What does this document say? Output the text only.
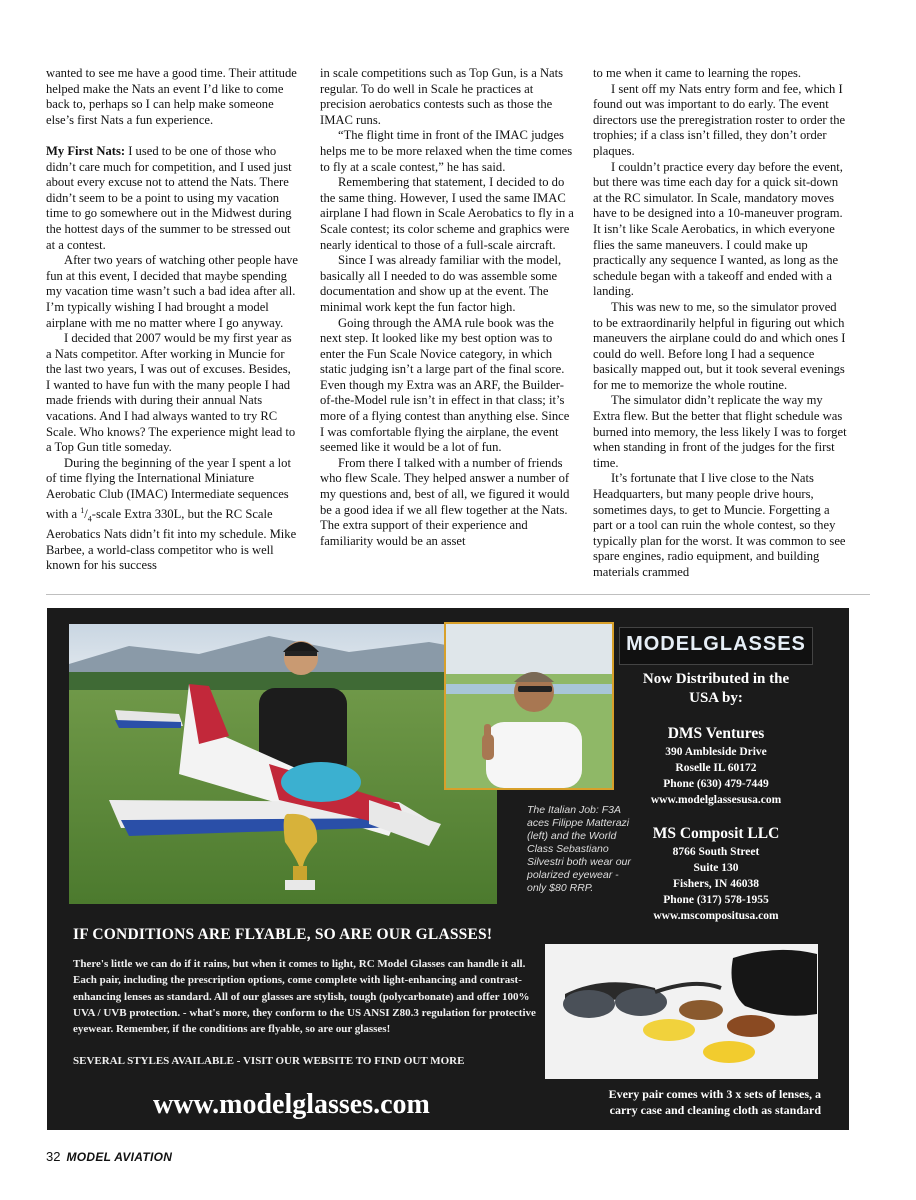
wanted to see me have a good time. Their attitude helped make the Nats an event I’d like to come back to, perhaps so I can help make someone else’s first Nats a fun experience.

My First Nats: I used to be one of those who didn’t care much for competition, and I used just about every excuse not to attend the Nats. There didn’t seem to be a point to using my vacation time to go somewhere out in the Midwest during the hottest days of the summer to be stressed out at a contest.

After two years of watching other people have fun at this event, I decided that maybe spending my vacation time wasn’t such a bad idea after all. I’m typically wishing I had brought a model airplane with me no matter where I go anyway.

I decided that 2007 would be my first year as a Nats competitor. After working in Muncie for the last two years, I was out of excuses. Besides, I wanted to have fun with the many people I had made friends with during their annual Nats vacations. And I had always wanted to try RC Scale. Who knows? The experience might lead to a Top Gun title someday.

During the beginning of the year I spent a lot of time flying the International Miniature Aerobatic Club (IMAC) Intermediate sequences with a $^1/_4$-scale Extra 330L, but the RC Scale Aerobatics Nats didn’t fit into my schedule. Mike Barbee, a world-class competitor who is well known for his success

in scale competitions such as Top Gun, is a Nats regular. To do well in Scale he practices at precision aerobatics contests such as those the IMAC runs.

“The flight time in front of the IMAC judges helps me to be more relaxed when the time comes to fly at a scale contest,” he has said.

Remembering that statement, I decided to do the same thing. However, I used the same IMAC airplane I had flown in Scale Aerobatics to fly in a Scale contest; its color scheme and graphics were nearly identical to those of a full-scale aircraft.

Since I was already familiar with the model, basically all I needed to do was assemble some documentation and show up at the event. The minimal work kept the fun factor high.

Going through the AMA rule book was the next step. It looked like my best option was to enter the Fun Scale Novice category, in which static judging isn’t a large part of the final score. Even though my Extra was an ARF, the Builder-of-the-Model rule isn’t in effect in that class; it’s more of a flying contest than anything else. Since I was comfortable flying the airplane, the event seemed like it would be a lot of fun.

From there I talked with a number of friends who flew Scale. They helped answer a number of my questions and, best of all, we figured it would be a good idea if we all flew together at the Nats. The extra support of their experience and familiarity would be an asset

to me when it came to learning the ropes.

I sent off my Nats entry form and fee, which I found out was important to do early. The event directors use the preregistration roster to order the trophies; if a class isn’t filled, they don’t order plaques.

I couldn’t practice every day before the event, but there was time each day for a quick sit-down at the RC simulator. In Scale, mandatory moves have to be designed into a 10-maneuver program. It isn’t like Scale Aerobatics, in which everyone flies the same maneuvers. I could make up practically any sequence I wanted, as long as the schedule began with a takeoff and ended with a landing.

This was new to me, so the simulator proved to be extraordinarily helpful in figuring out which maneuvers the airplane could do and which ones I could do well. Before long I had a sequence basically mapped out, but it took several evenings for me to memorize the whole routine.

The simulator didn’t replicate the way my Extra flew. But the better that flight schedule was burned into memory, the less likely I was to forget when standing in front of the judges for the first time.

It’s fortunate that I live close to the Nats Headquarters, but many people drive hours, sometimes days, to get to Muncie. Forgetting a part or a tool can ruin the whole contest, so they typically plan for the worst. It was common to see spare engines, radio equipment, and building materials crammed

The Italian Job: F3A aces Filippe Matterazi (left) and the World Class Sebastiano Silvestri both wear our polarized eyewear - only $80 RRP.
MODELGLASSES
Now Distributed in the
USA by:
DMS Ventures
390 Ambleside Drive
Roselle IL 60172
Phone (630) 479-7449
www.modelglassesusa.com
MS Composit LLC
8766 South Street
Suite 130
Fishers, IN 46038
Phone (317) 578-1955
www.mscompositusa.com
IF CONDITIONS ARE FLYABLE, SO ARE OUR GLASSES!
There's little we can do if it rains, but when it comes to light, RC Model Glasses can handle it all. Each pair, including the prescription options, come complete with light-enhancing and contrast-enhancing lenses as standard. All of our glasses are stylish, tough (polycarbonate) and offer 100% UVA / UVB protection. - what's more, they conform to the US ANSI Z80.3 regulation for protective eyewear. Remember, if the conditions are flyable, so are our glasses!
SEVERAL STYLES AVAILABLE - VISIT OUR WEBSITE TO FIND OUT MORE
www.modelglasses.com	Every pair comes with 3 x sets of lenses, a
carry case and cleaning cloth as standard
32 MODEL AVIATION
